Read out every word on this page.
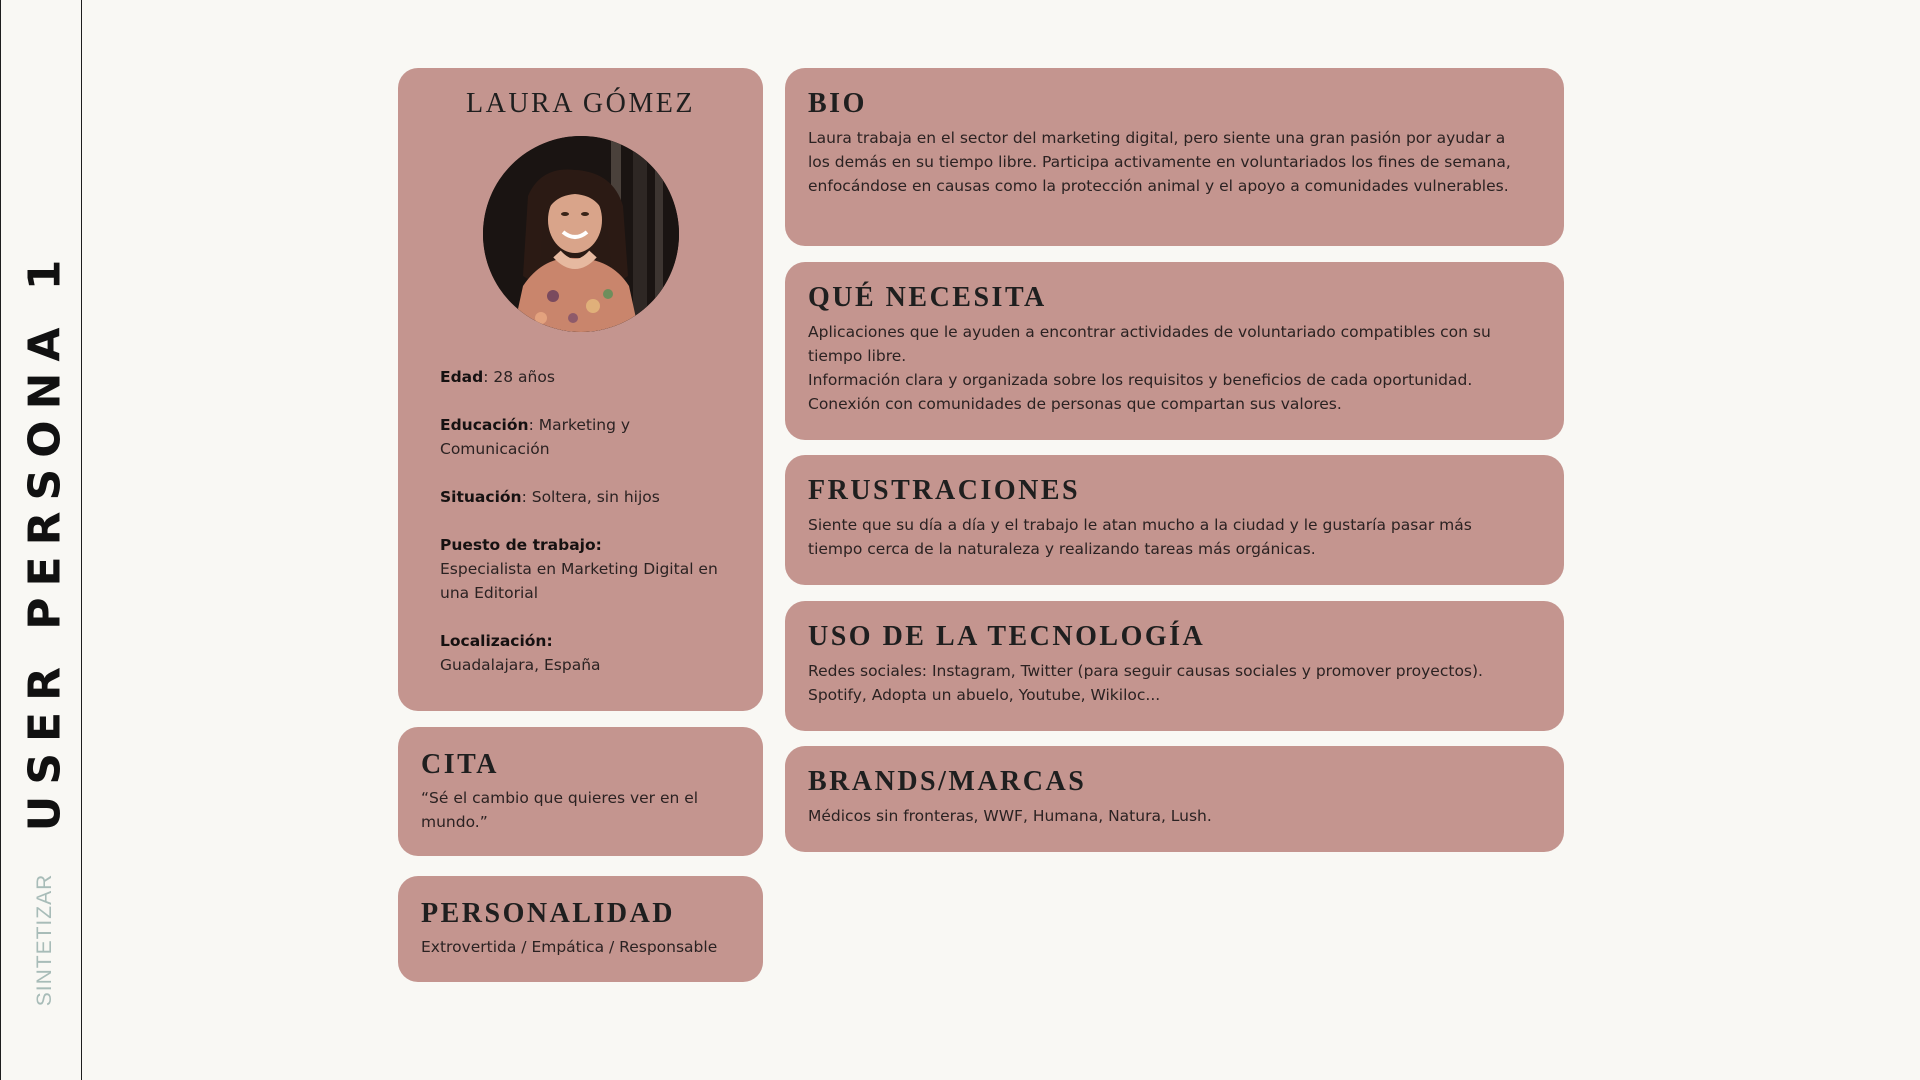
USER PERSONA 1
SINTETIZAR
LAURA GÓMEZ
Edad: 28 años
Educación: Marketing y Comunicación
Situación: Soltera, sin hijos
Puesto de trabajo:
Especialista en Marketing Digital en una Editorial
Localización:
Guadalajara, España
CITA

“Sé el cambio que quieres ver en el mundo.”

PERSONALIDAD

Extrovertida / Empática / Responsable

BIO

Laura trabaja en el sector del marketing digital, pero siente una gran pasión por ayudar a los demás en su tiempo libre. Participa activamente en voluntariados los fines de semana, enfocándose en causas como la protección animal y el apoyo a comunidades vulnerables.

QUÉ NECESITA
Aplicaciones que le ayuden a encontrar actividades de voluntariado compatibles con su tiempo libre.
Información clara y organizada sobre los requisitos y beneficios de cada oportunidad.
Conexión con comunidades de personas que compartan sus valores.
FRUSTRACIONES

Siente que su día a día y el trabajo le atan mucho a la ciudad y le gustaría pasar más tiempo cerca de la naturaleza y realizando tareas más orgánicas.

USO DE LA TECNOLOGÍA

Redes sociales: Instagram, Twitter (para seguir causas sociales y promover proyectos). Spotify, Adopta un abuelo, Youtube, Wikiloc...

BRANDS/MARCAS

Médicos sin fronteras, WWF, Humana, Natura, Lush.
